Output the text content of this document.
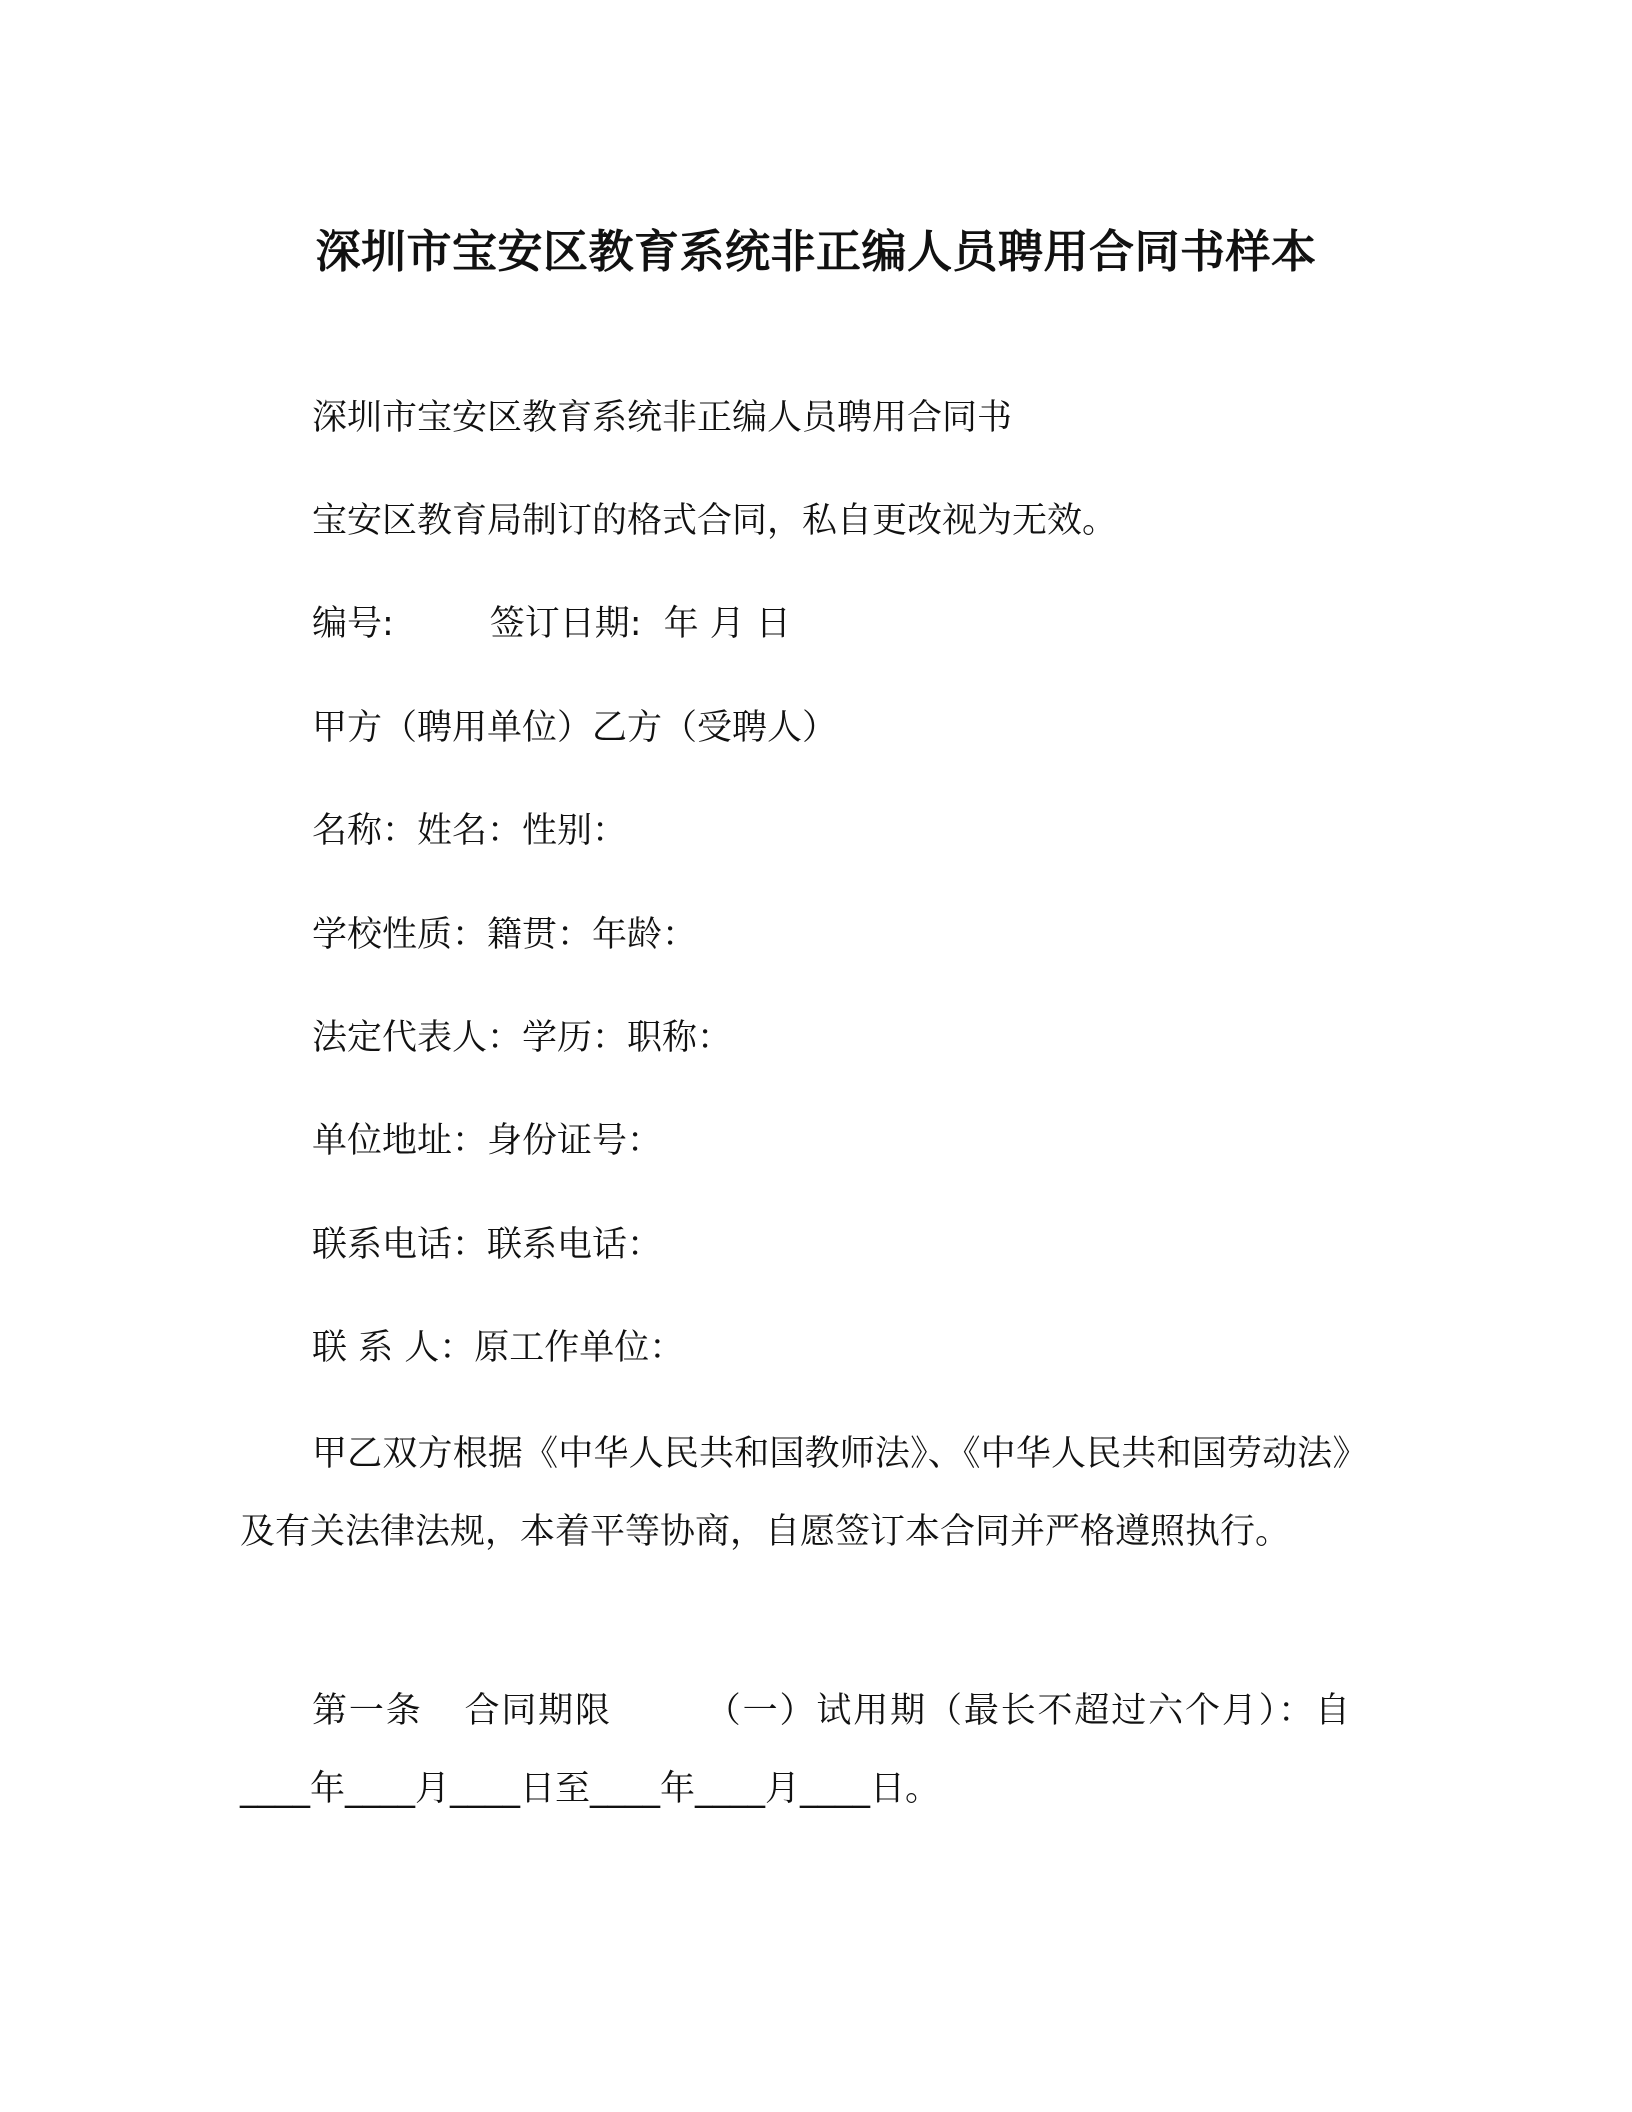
深圳市宝安区教育系统非正编人员聘用合同书样本
深圳市宝安区教育系统非正编人员聘用合同书
宝安区教育局制订的格式合同，私自更改视为无效。
编号:	签订日期: 年 月 日
甲方（聘用单位）乙方（受聘人）
名称：姓名：性别：
学校性质：籍贯：年龄：
法定代表人：学历：职称：
单位地址：身份证号：
联系电话：联系电话：
联 系 人：原工作单位：
甲乙双方根据《中华人民共和国教师法》、《中华人民共和国劳动法》及有关法律法规，本着平等协商，自愿签订本合同并严格遵照执行。
第一条 合同期限	（一）试用期（最长不超过六个月）：自____年____月____日至____年____月____日。
